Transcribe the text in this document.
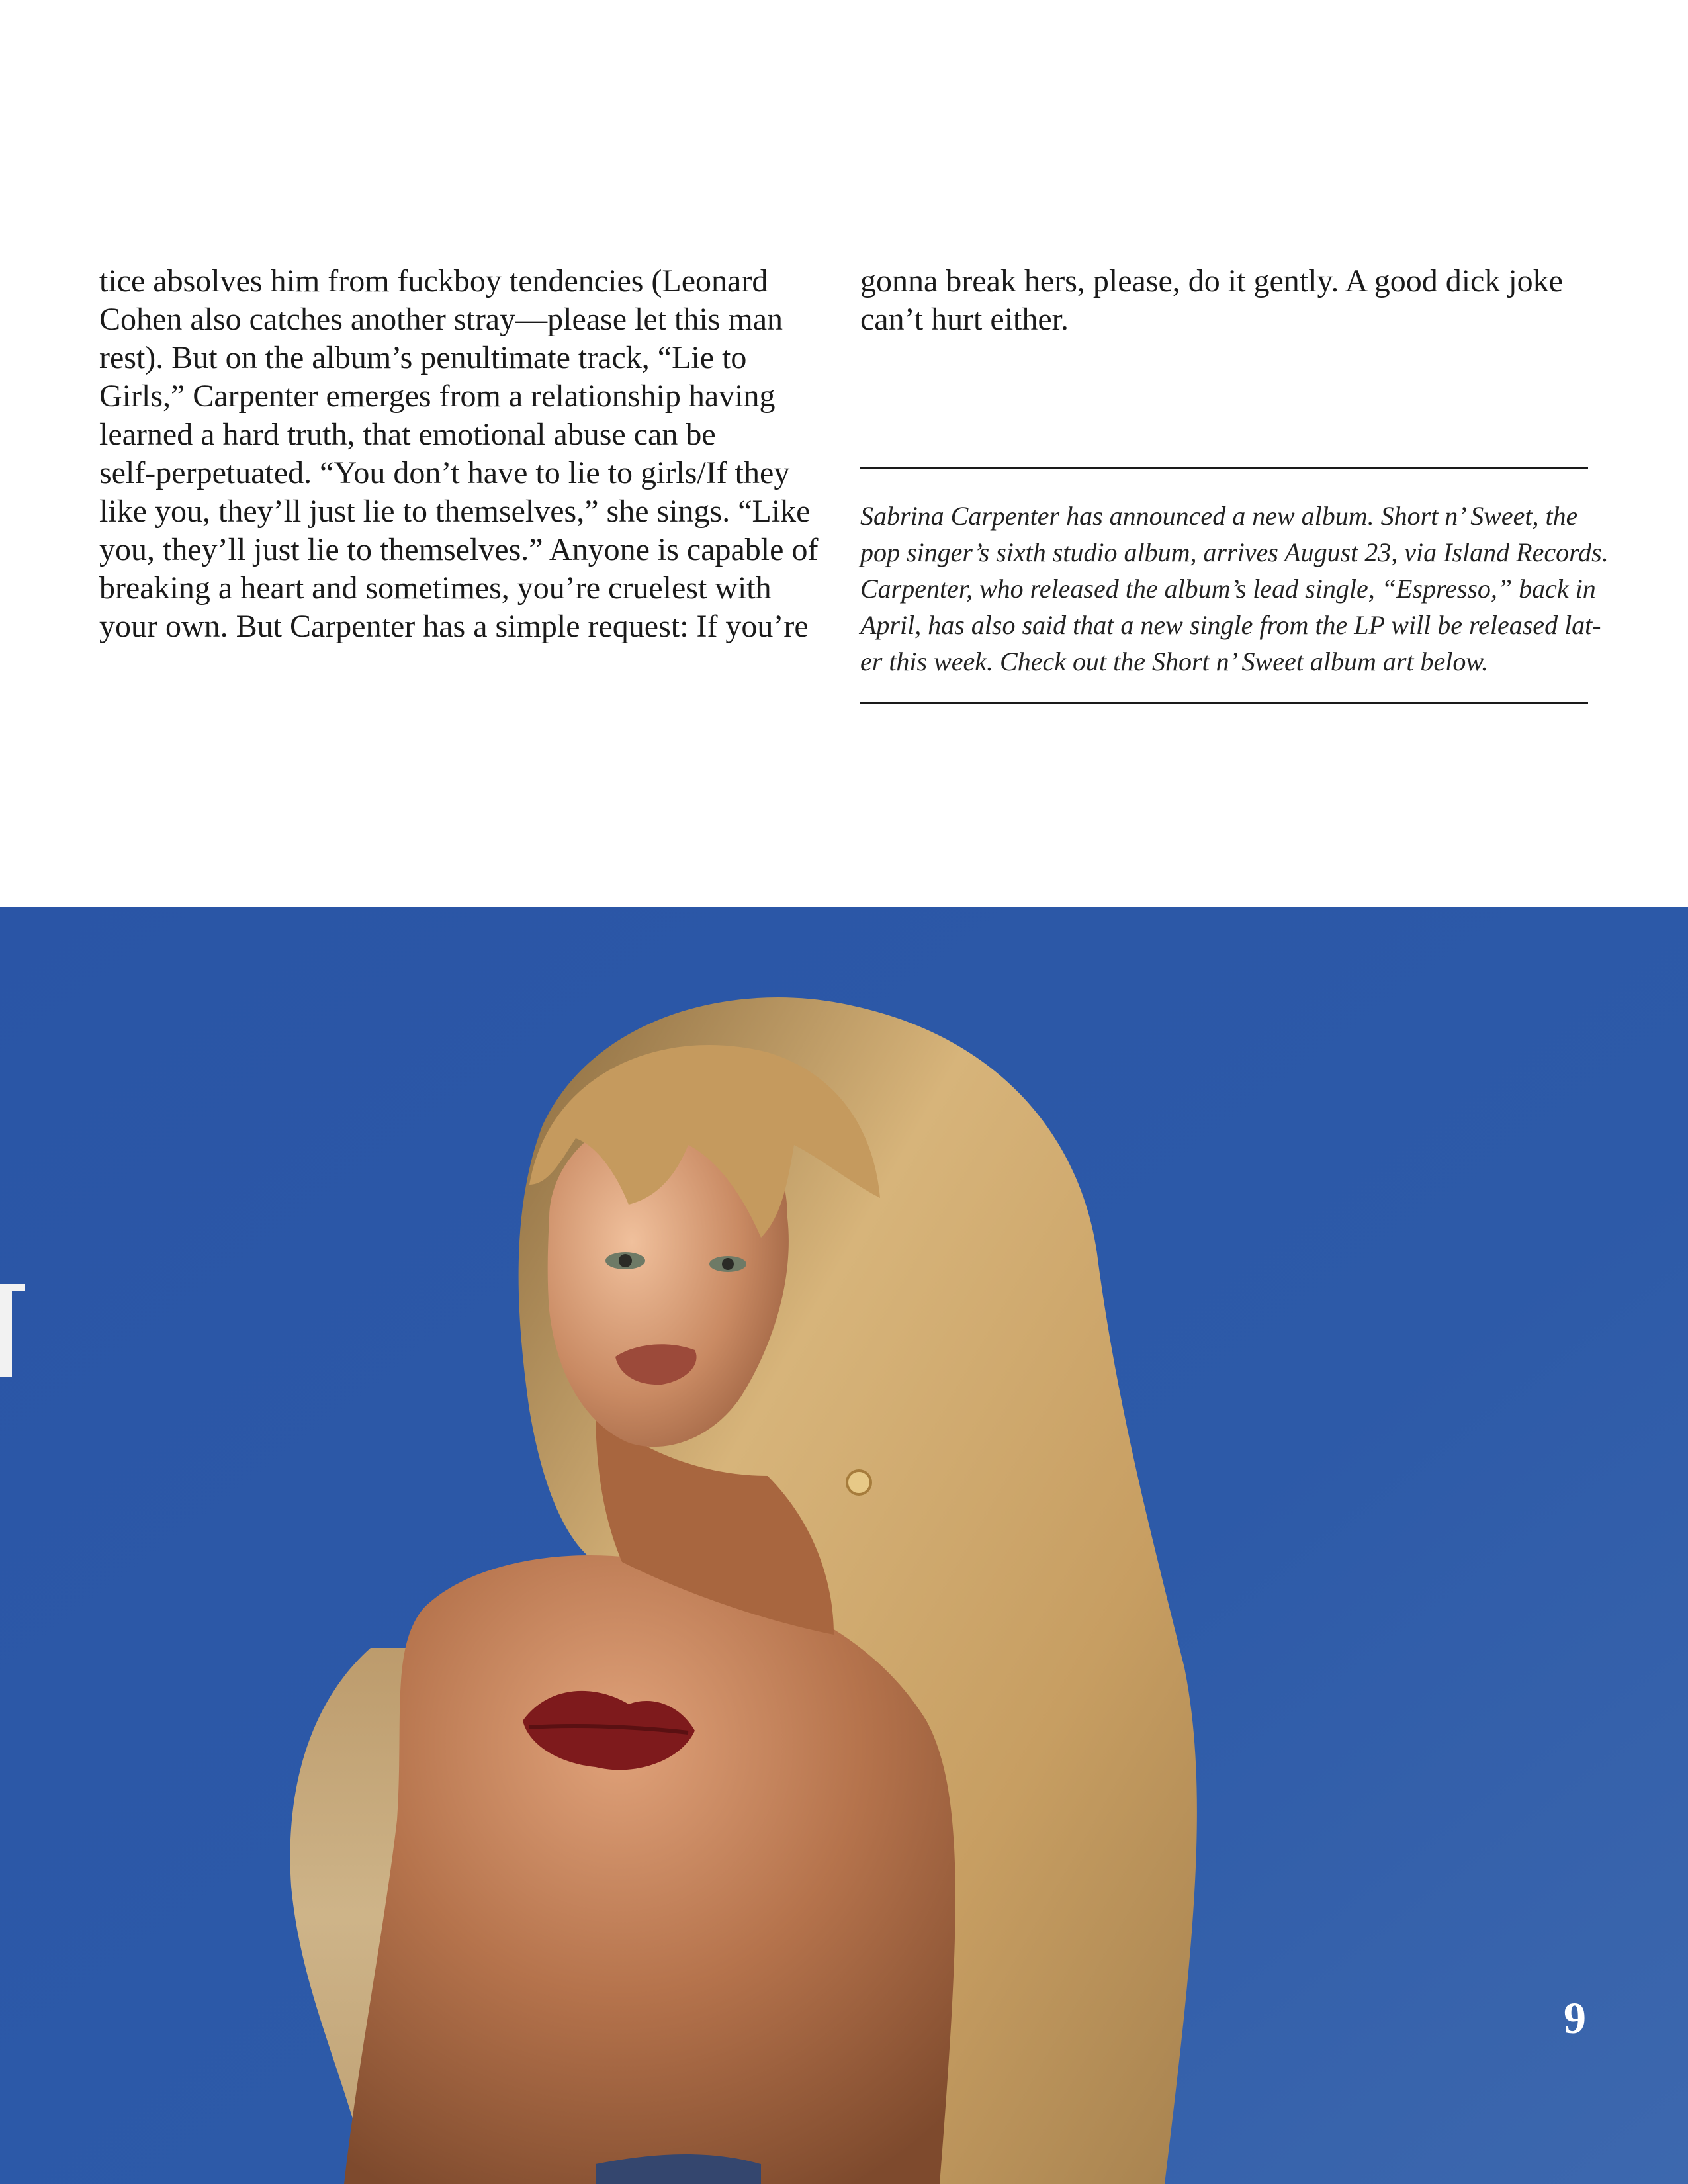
tice absolves him from fuckboy tendencies (Leonard
Cohen also catches another stray—please let this man
rest). But on the album’s penultimate track, “Lie to
Girls,” Carpenter emerges from a relationship having
learned a hard truth, that emotional abuse can be
self-perpetuated. “You don’t have to lie to girls/If they
like you, they’ll just lie to themselves,” she sings. “Like
you, they’ll just lie to themselves.” Anyone is capable of
breaking a heart and sometimes, you’re cruelest with
your own. But Carpenter has a simple request: If you’re
gonna break hers, please, do it gently. A good dick joke
can’t hurt either.
Sabrina Carpenter has announced a new album. Short n’ Sweet, the
pop singer’s sixth studio album, arrives August 23, via Island Records.
Carpenter, who released the album’s lead single, “Espresso,” back in
April, has also said that a new single from the LP will be released lat-
er this week. Check out the Short n’ Sweet album art below.
9
